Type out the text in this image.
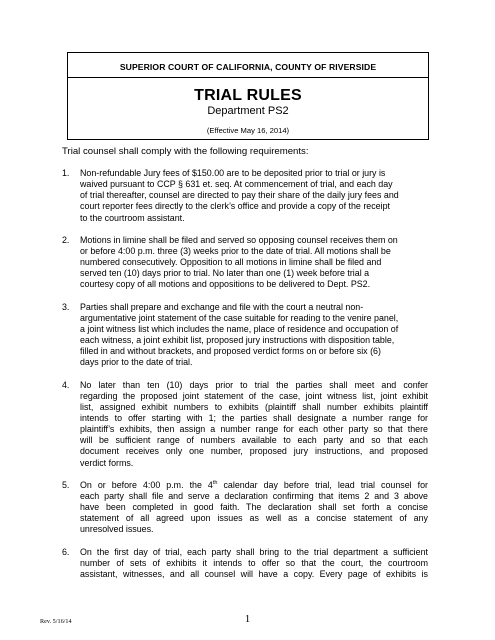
SUPERIOR COURT OF CALIFORNIA, COUNTY OF RIVERSIDE
TRIAL RULES
Department PS2
(Effective May 16, 2014)
Trial counsel shall comply with the following requirements:
1.	Non-refundable Jury fees of $150.00 are to be deposited prior to trial or jury is
waived pursuant to CCP § 631 et. seq. At commencement of trial, and each day
of trial thereafter, counsel are directed to pay their share of the daily jury fees and
court reporter fees directly to the clerk’s office and provide a copy of the receipt
to the courtroom assistant.
2.	Motions in limine shall be filed and served so opposing counsel receives them on
or before 4:00 p.m. three (3) weeks prior to the date of trial. All motions shall be
numbered consecutively. Opposition to all motions in limine shall be filed and
served ten (10) days prior to trial. No later than one (1) week before trial a
courtesy copy of all motions and oppositions to be delivered to Dept. PS2.
3.	Parties shall prepare and exchange and file with the court a neutral non-
argumentative joint statement of the case suitable for reading to the venire panel,
a joint witness list which includes the name, place of residence and occupation of
each witness, a joint exhibit list, proposed jury instructions with disposition table,
filled in and without brackets, and proposed verdict forms on or before six (6)
days prior to the date of trial.
4.	No later than ten (10) days prior to trial the parties shall meet and confer
regarding the proposed joint statement of the case, joint witness list, joint exhibit
list, assigned exhibit numbers to exhibits (plaintiff shall number exhibits plaintiff
intends to offer starting with 1; the parties shall designate a number range for
plaintiff’s exhibits, then assign a number range for each other party so that there
will be sufficient range of numbers available to each party and so that each
document receives only one number, proposed jury instructions, and proposed
verdict forms.
5.	On or before 4:00 p.m. the 4th calendar day before trial, lead trial counsel for
each party shall file and serve a declaration confirming that items 2 and 3 above
have been completed in good faith. The declaration shall set forth a concise
statement of all agreed upon issues as well as a concise statement of any
unresolved issues.
6.	On the first day of trial, each party shall bring to the trial department a sufficient
number of sets of exhibits it intends to offer so that the court, the courtroom
assistant, witnesses, and all counsel will have a copy. Every page of exhibits is
Rev. 5/16/14	1
